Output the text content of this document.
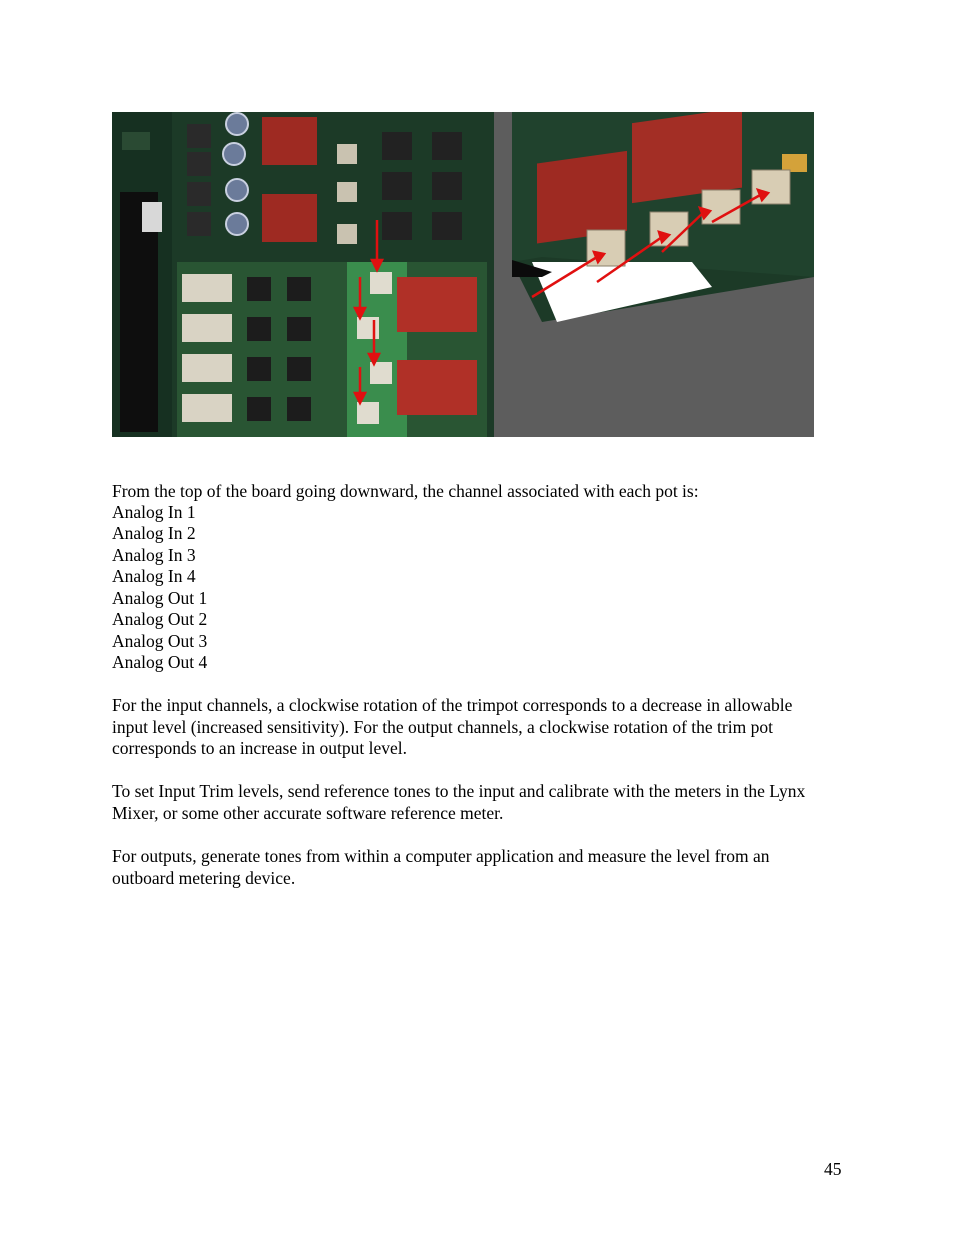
From the top of the board going downward, the channel associated with each pot is:
Analog In 1
Analog In 2
Analog In 3
Analog In 4
Analog Out 1
Analog Out 2
Analog Out 3
Analog Out 4
For the input channels, a clockwise rotation of the trimpot corresponds to a decrease in allowable input level (increased sensitivity). For the output channels, a clockwise rotation of the trim pot corresponds to an increase in output level.
To set Input Trim levels, send reference tones to the input and calibrate with the meters in the Lynx Mixer, or some other accurate software reference meter.
For outputs, generate tones from within a computer application and measure the level from an outboard metering device.
45
